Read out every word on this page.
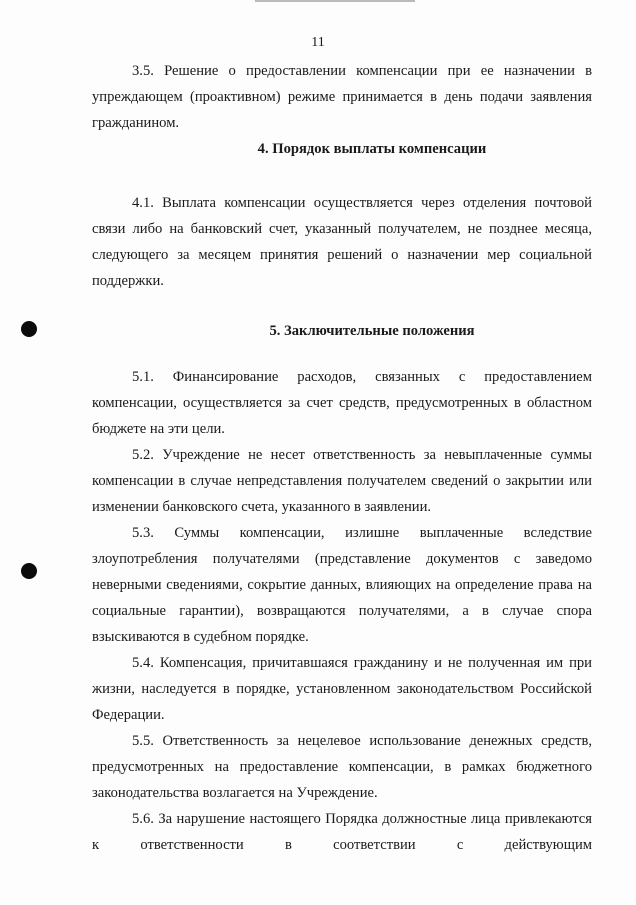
11

3.5. Решение о предоставлении компенсации при ее назначении в упреждающем (проактивном) режиме принимается в день подачи заявления гражданином.

4. Порядок выплаты компенсации

4.1. Выплата компенсации осуществляется через отделения почтовой связи либо на банковский счет, указанный получателем, не позднее месяца, следующего за месяцем принятия решений о назначении мер социальной поддержки.

5. Заключительные положения

5.1. Финансирование расходов, связанных с предоставлением компенсации, осуществляется за счет средств, предусмотренных в областном бюджете на эти цели.

5.2. Учреждение не несет ответственность за невыплаченные суммы компенсации в случае непредставления получателем сведений о закрытии или изменении банковского счета, указанного в заявлении.

5.3. Суммы компенсации, излишне выплаченные вследствие злоупотребления получателями (представление документов с заведомо неверными сведениями, сокрытие данных, влияющих на определение права на социальные гарантии), возвращаются получателями, а в случае спора взыскиваются в судебном порядке.

5.4. Компенсация, причитавшаяся гражданину и не полученная им при жизни, наследуется в порядке, установленном законодательством Российской Федерации.

5.5. Ответственность за нецелевое использование денежных средств, предусмотренных на предоставление компенсации, в рамках бюджетного законодательства возлагается на Учреждение.

5.6. За нарушение настоящего Порядка должностные лица привлекаются к ответственности в соответствии с действующим
